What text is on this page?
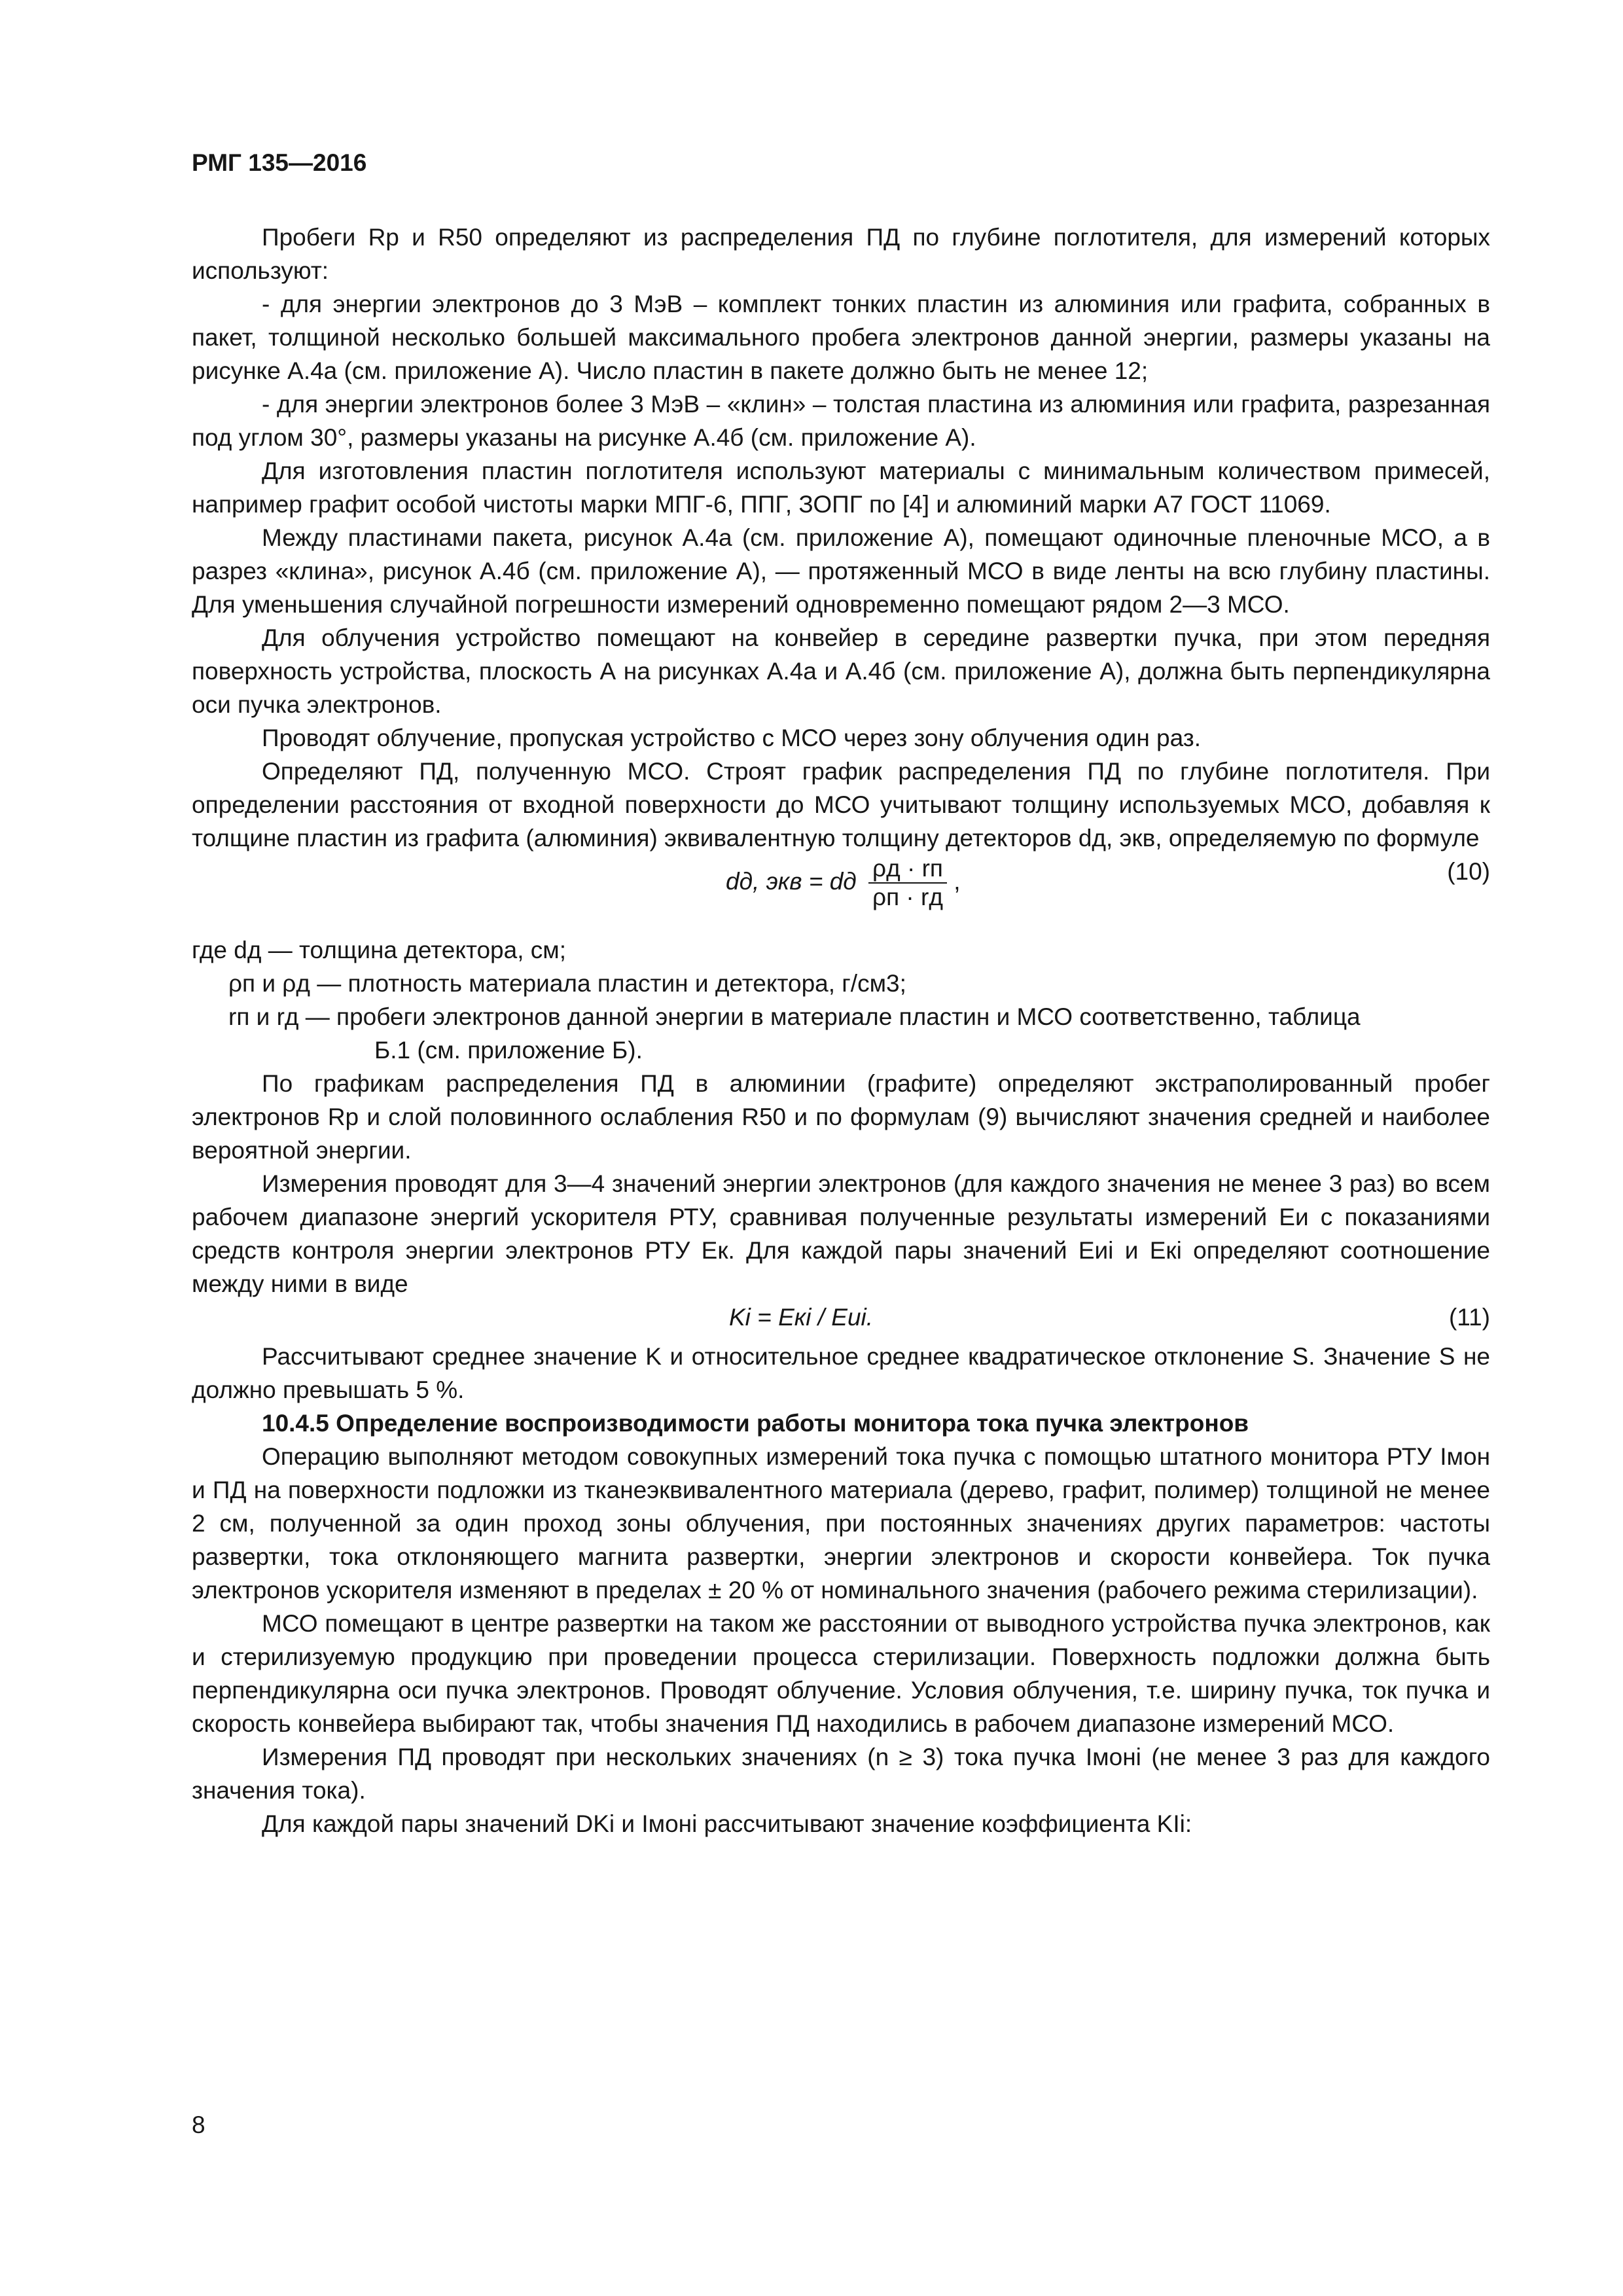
РМГ 135—2016

Пробеги Rp и R50 определяют из распределения ПД по глубине поглотителя, для измерений которых используют:

- для энергии электронов до 3 МэВ – комплект тонких пластин из алюминия или графита, собранных в пакет, толщиной несколько большей максимального пробега электронов данной энергии, размеры указаны на рисунке А.4а (см. приложение А). Число пластин в пакете должно быть не менее 12;

- для энергии электронов более 3 МэВ – «клин» – толстая пластина из алюминия или графита, разрезанная под углом 30°, размеры указаны на рисунке А.4б (см. приложение А).

Для изготовления пластин поглотителя используют материалы с минимальным количеством примесей, например графит особой чистоты марки МПГ-6, ППГ, ЗОПГ по [4] и алюминий марки А7 ГОСТ 11069.

Между пластинами пакета, рисунок А.4а (см. приложение А), помещают одиночные пленочные МСО, а в разрез «клина», рисунок А.4б (см. приложение А), — протяженный МСО в виде ленты на всю глубину пластины. Для уменьшения случайной погрешности измерений одновременно помещают рядом 2—3 МСО.

Для облучения устройство помещают на конвейер в середине развертки пучка, при этом передняя поверхность устройства, плоскость А на рисунках А.4а и А.4б (см. приложение А), должна быть перпендикулярна оси пучка электронов.

Проводят облучение, пропуская устройство с МСО через зону облучения один раз.

Определяют ПД, полученную МСО. Строят график распределения ПД по глубине поглотителя. При определении расстояния от входной поверхности до МСО учитывают толщину используемых МСО, добавляя к толщине пластин из графита (алюминия) эквивалентную толщину детекторов dд, экв, определяемую по формуле

dд, экв = dд $\frac{\rho д \cdot rп}{\rho п \cdot rд}$ ,	(10)

где dд — толщина детектора, см;

ρп и ρд — плотность материала пластин и детектора, г/см3;

rп и rд — пробеги электронов данной энергии в материале пластин и МСО соответственно, таблица
Б.1 (см. приложение Б).

По графикам распределения ПД в алюминии (графите) определяют экстраполированный пробег электронов Rp и слой половинного ослабления R50 и по формулам (9) вычисляют значения средней и наиболее вероятной энергии.

Измерения проводят для 3—4 значений энергии электронов (для каждого значения не менее 3 раз) во всем рабочем диапазоне энергий ускорителя РТУ, сравнивая полученные результаты измерений Eи с показаниями средств контроля энергии электронов РТУ Eк. Для каждой пары значений Eиi и Eкi определяют соотношение между ними в виде

Ki = Eкi / Eиi.	(11)

Рассчитывают среднее значение K и относительное среднее квадратическое отклонение S. Значение S не должно превышать 5 %.

10.4.5 Определение воспроизводимости работы монитора тока пучка электронов

Операцию выполняют методом совокупных измерений тока пучка с помощью штатного монитора РТУ Iмон и ПД на поверхности подложки из тканеэквивалентного материала (дерево, графит, полимер) толщиной не менее 2 см, полученной за один проход зоны облучения, при постоянных значениях других параметров: частоты развертки, тока отклоняющего магнита развертки, энергии электронов и скорости конвейера. Ток пучка электронов ускорителя изменяют в пределах ± 20 % от номинального значения (рабочего режима стерилизации).

МСО помещают в центре развертки на таком же расстоянии от выводного устройства пучка электронов, как и стерилизуемую продукцию при проведении процесса стерилизации. Поверхность подложки должна быть перпендикулярна оси пучка электронов. Проводят облучение. Условия облучения, т.е. ширину пучка, ток пучка и скорость конвейера выбирают так, чтобы значения ПД находились в рабочем диапазоне измерений МСО.

Измерения ПД проводят при нескольких значениях (n ≥ 3) тока пучка Iмонi (не менее 3 раз для каждого значения тока).

Для каждой пары значений DKi и Iмонi рассчитывают значение коэффициента KIi:

8
